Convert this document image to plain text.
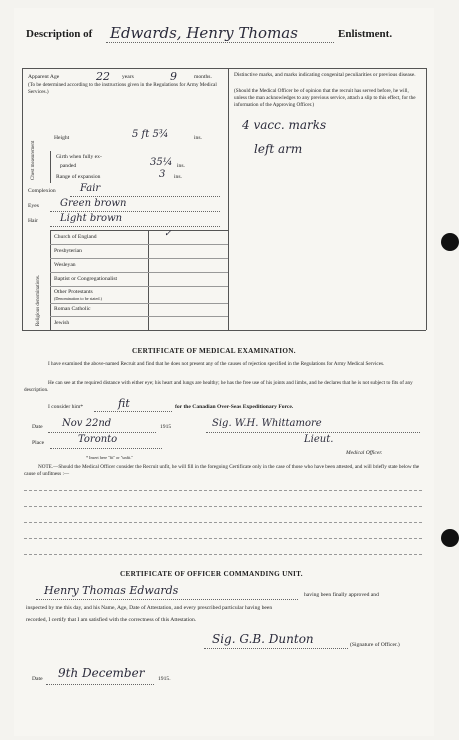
Description of Edwards, Henry Thomas	Enlistment.
Apparent Age	22 years	9	months.
(To be determined according to the instructions given in the Regulations for Army Medical Services.)
Height	5 ft 5¾	ins.
Chest measurement	Girth when fully ex-
panded	35¼ ins.
Range of expansion	3 ins.
Complexion Fair
Eyes Green brown
Hair Light brown
Religious denominations.
Church of England	✓
Presbyterian
Wesleyan
Baptist or Congregationalist
Other Protestants
(Denomination to be stated.)
Roman Catholic
Jewish
Distinctive marks, and marks indicating congenital peculiarities or previous disease.
(Should the Medical Officer be of opinion that the recruit has served before, he will, unless the man acknowledges to any previous service, attach a slip to this effect, for the information of the Approving Officer.)
4 vacc. marks
left arm
CERTIFICATE OF MEDICAL EXAMINATION.
I have examined the above-named Recruit and find that he does not present any of the causes of rejection specified in the Regulations for Army Medical Services.
He can see at the required distance with either eye; his heart and lungs are healthy; he has the free use of his joints and limbs, and he declares that he is not subject to fits of any description.
I consider him*	fit	for the Canadian Over-Seas Expeditionary Force.
Date Nov 22nd	1915	Sig. W.H. Whittamore
Place	Toronto	Lieut.
Medical Officer.
* Insert here "fit" or "unfit."
NOTE.—Should the Medical Officer consider the Recruit unfit, he will fill in the foregoing Certificate only in the case of those who have been attested, and will briefly state below the cause of unfitness :—
CERTIFICATE OF OFFICER COMMANDING UNIT.
Henry Thomas Edwards	having been finally approved and
inspected by me this day, and his Name, Age, Date of Attestation, and every prescribed particular having been
recorded, I certify that I am satisfied with the correctness of this Attestation.
Sig. G.B. Dunton	(Signature of Officer.)
Date 9th December 1915.
